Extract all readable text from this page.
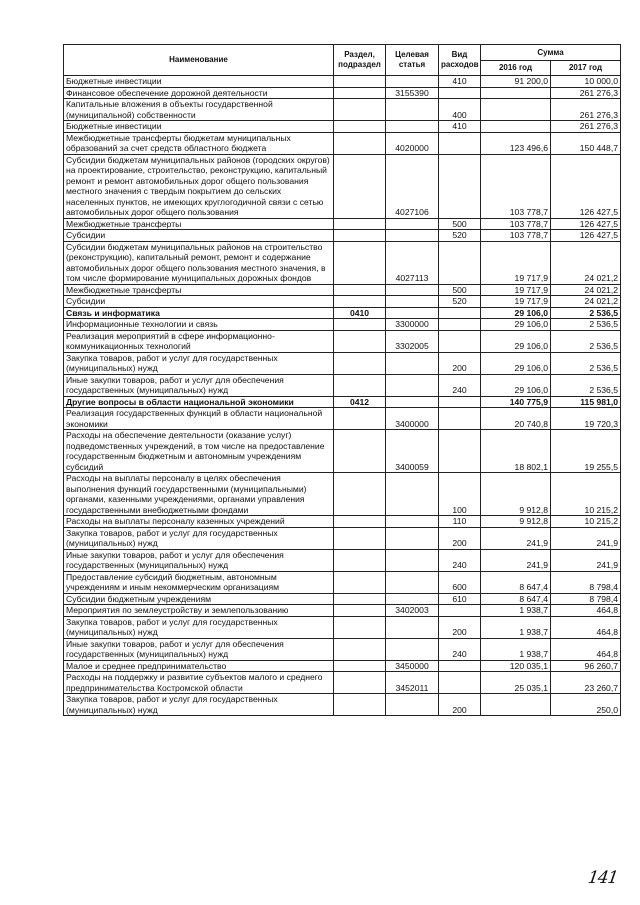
Наименование	Раздел, подраздел	Целевая статья	Вид расходов	Сумма	
				2016 год	2017 год
Бюджетные инвестиции			410	91 200,0	10 000,0
Финансовое обеспечение дорожной деятельности		3155390			261 276,3
Капитальные вложения в объекты государственной (муниципальной) собственности			400		261 276,3
Бюджетные инвестиции			410		261 276,3
Межбюджетные трансферты бюджетам муниципальных образований за счет средств областного бюджета		4020000		123 496,6	150 448,7
Субсидии бюджетам муниципальных районов (городских округов) на проектирование, строительство, реконструкцию, капитальный ремонт и ремонт автомобильных дорог общего пользования местного значения с твердым покрытием до сельских населенных пунктов, не имеющих круглогодичной связи с сетью автомобильных дорог общего пользования		4027106		103 778,7	126 427,5
Межбюджетные трансферты			500	103 778,7	126 427,5
Субсидии			520	103 778,7	126 427,5
Субсидии бюджетам муниципальных районов на строительство (реконструкцию), капитальный ремонт, ремонт и содержание автомобильных дорог общего пользования местного значения, в том числе формирование муниципальных дорожных фондов		4027113		19 717,9	24 021,2
Межбюджетные трансферты			500	19 717,9	24 021,2
Субсидии			520	19 717,9	24 021,2
Связь и информатика	0410			29 106,0	2 536,5
Информационные технологии и связь		3300000		29 106,0	2 536,5
Реализация мероприятий в сфере информационно-коммуникационных технологий		3302005		29 106,0	2 536,5
Закупка товаров, работ и услуг для государственных (муниципальных) нужд			200	29 106,0	2 536,5
Иные закупки товаров, работ и услуг для обеспечения государственных (муниципальных) нужд			240	29 106,0	2 536,5
Другие вопросы в области национальной экономики	0412			140 775,9	115 981,0
Реализация государственных функций в области национальной экономики		3400000		20 740,8	19 720,3
Расходы на обеспечение деятельности (оказание услуг) подведомственных учреждений, в том числе на предоставление государственным бюджетным и автономным учреждениям субсидий		3400059		18 802,1	19 255,5
Расходы на выплаты персоналу в целях обеспечения выполнения функций государственными (муниципальными) органами, казенными учреждениями, органами управления государственными внебюджетными фондами			100	9 912,8	10 215,2
Расходы на выплаты персоналу казенных учреждений			110	9 912,8	10 215,2
Закупка товаров, работ и услуг для государственных (муниципальных) нужд			200	241,9	241,9
Иные закупки товаров, работ и услуг для обеспечения государственных (муниципальных) нужд			240	241,9	241,9
Предоставление субсидий бюджетным, автономным учреждениям и иным некоммерческим организациям			600	8 647,4	8 798,4
Субсидии бюджетным учреждениям			610	8 647,4	8 798,4
Мероприятия по землеустройству и землепользованию		3402003		1 938,7	464,8
Закупка товаров, работ и услуг для государственных (муниципальных) нужд			200	1 938,7	464,8
Иные закупки товаров, работ и услуг для обеспечения государственных (муниципальных) нужд			240	1 938,7	464,8
Малое и среднее предпринимательство		3450000		120 035,1	96 260,7
Расходы на поддержку и развитие субъектов малого и среднего предпринимательства Костромской области		3452011		25 035,1	23 260,7
Закупка товаров, работ и услуг для государственных (муниципальных) нужд			200		250,0
141
